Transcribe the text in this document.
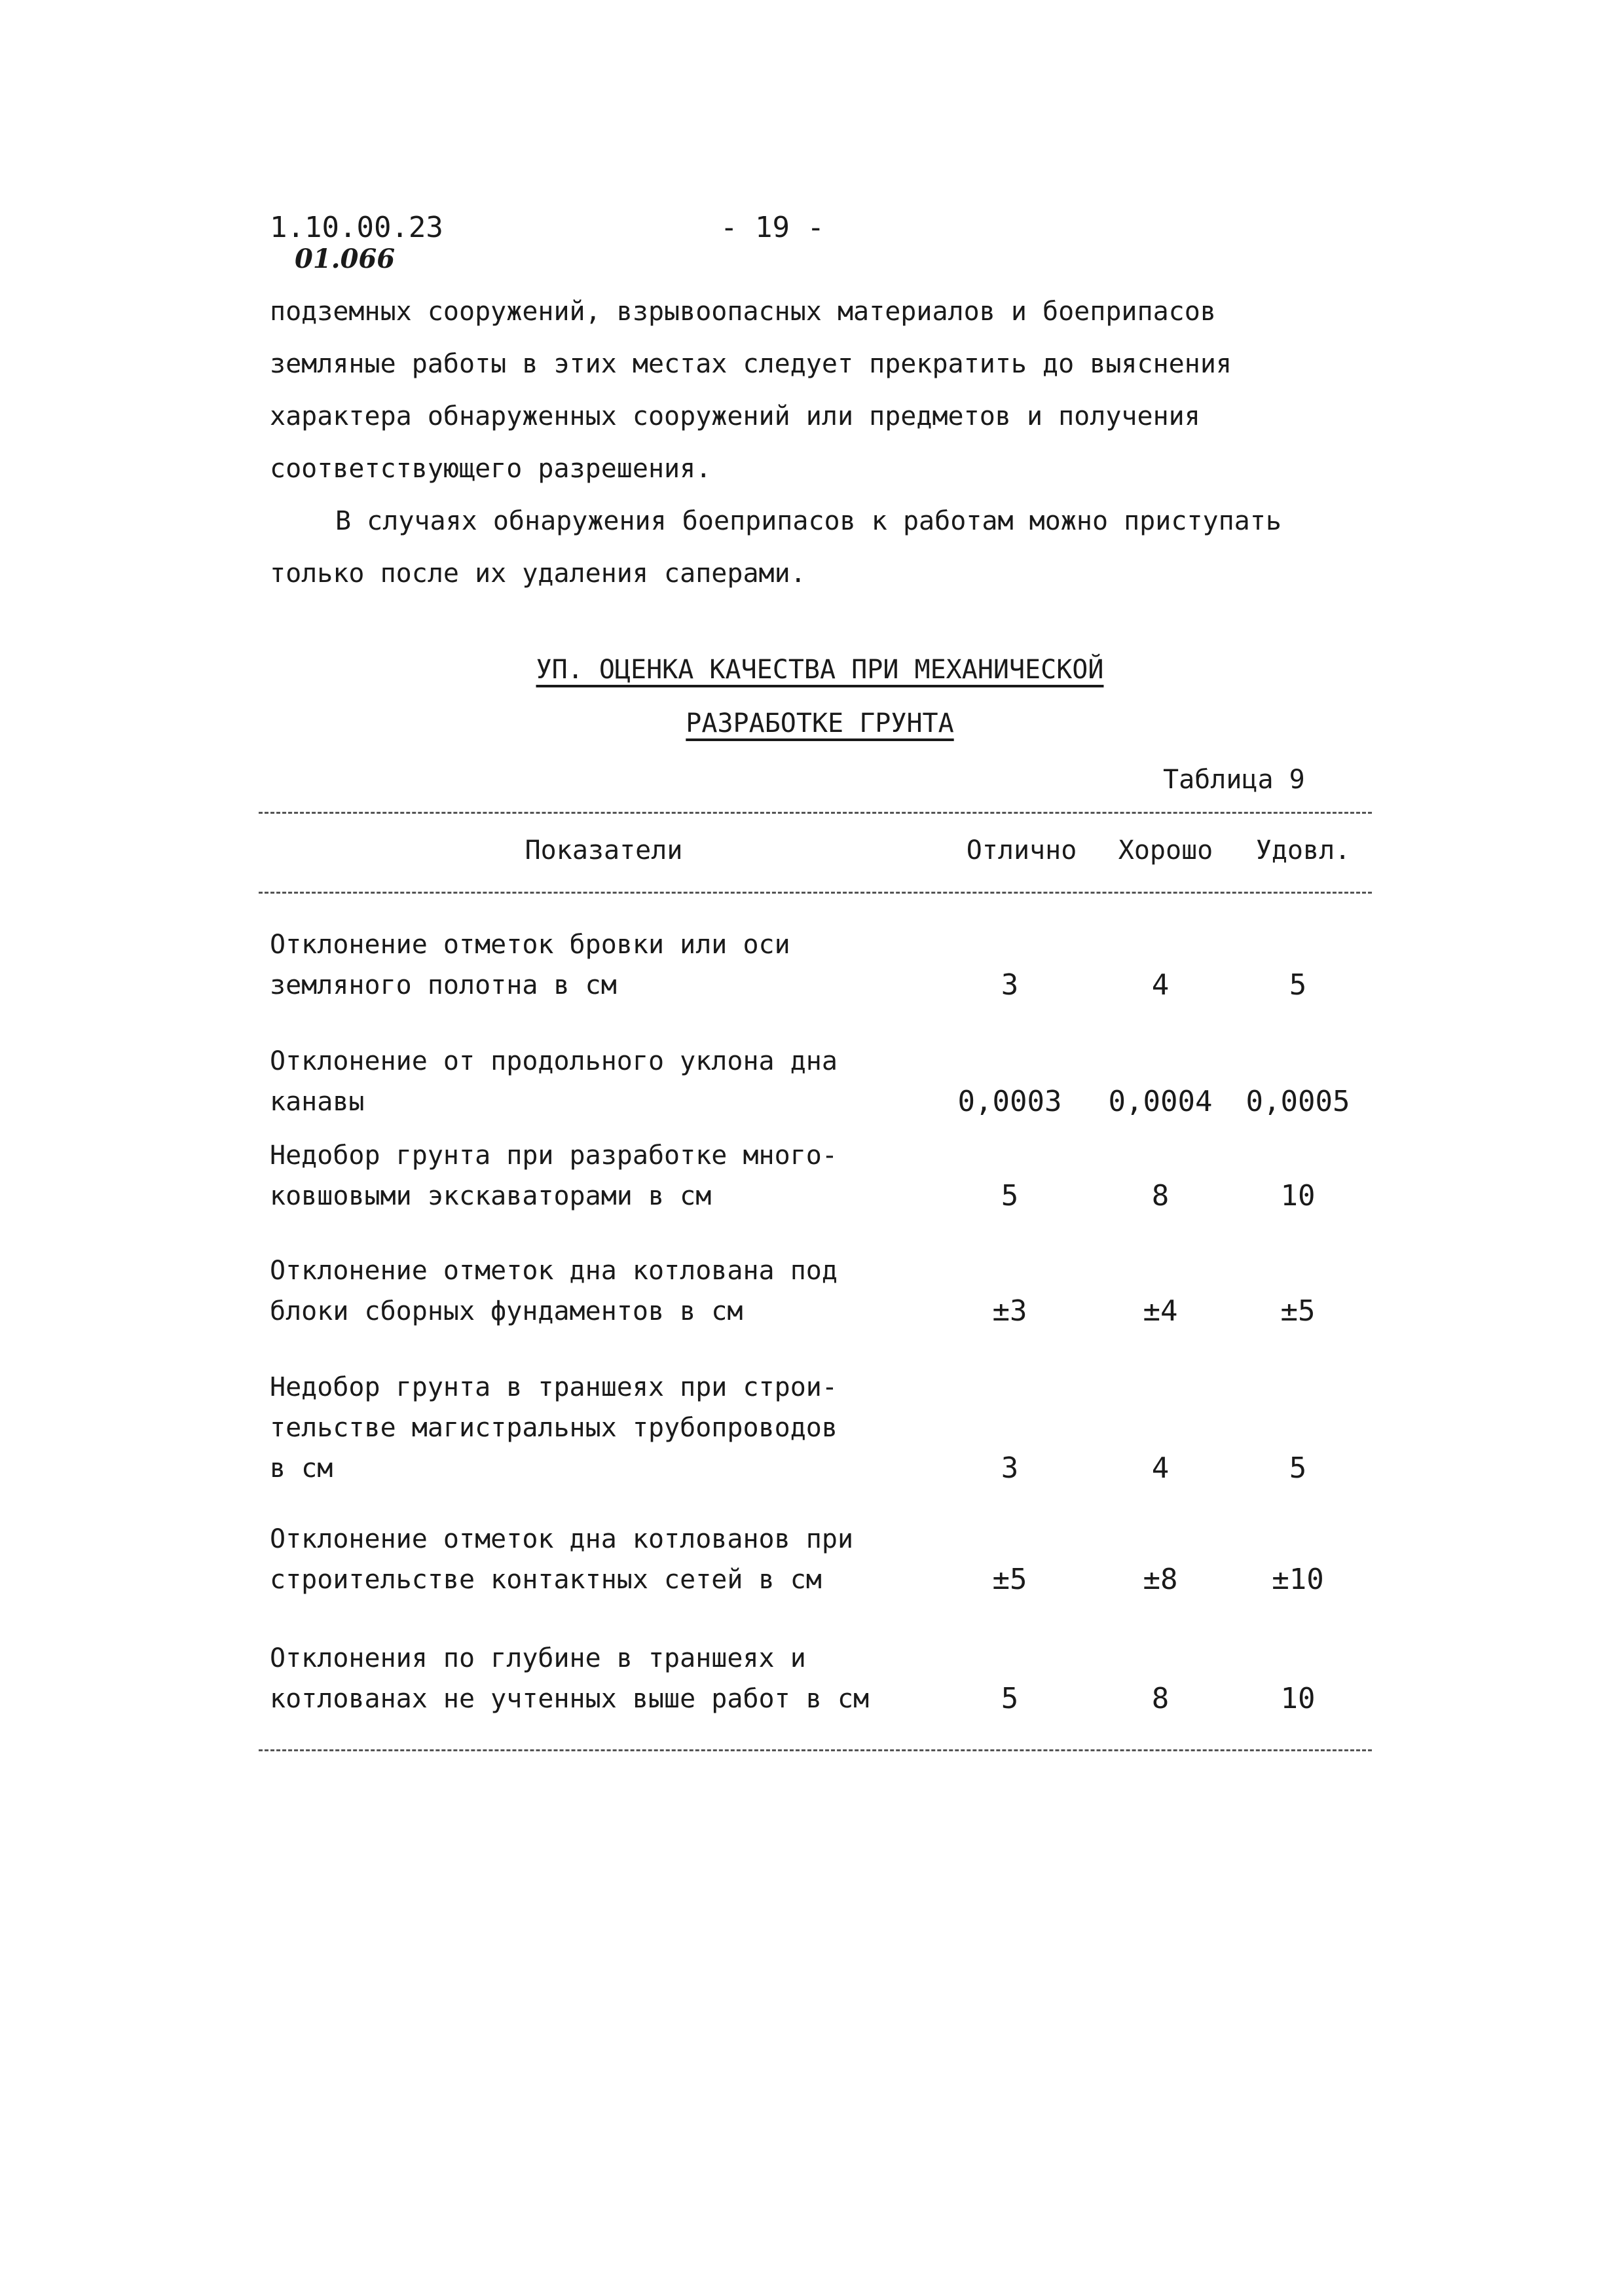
1.10.00.23	- 19 -
01.066
подземных сооружений, взрывоопасных материалов и боеприпасов
земляные работы в этих местах следует прекратить до выяснения
характера обнаруженных сооружений или предметов и получения
соответствующего разрешения.
В случаях обнаружения боеприпасов к работам можно приступать
только после их удаления саперами.
УП. ОЦЕНКА КАЧЕСТВА ПРИ МЕХАНИЧЕСКОЙ
РАЗРАБОТКЕ ГРУНТА
Таблица 9
Показатели	Отлично	Хорошо	Удовл.
Отклонение отметок бровки или оси
земляного полотна в см	3	4	5
Отклонение от продольного уклона дна
канавы	0,0003	0,0004	0,0005
Недобор грунта при разработке много-
ковшовыми экскаваторами в см	5	8	10
Отклонение отметок дна котлована под
блоки сборных фундаментов в см	±3	±4	±5
Недобор грунта в траншеях при строи-
тельстве магистральных трубопроводов
в см	3	4	5
Отклонение отметок дна котлованов при
строительстве контактных сетей в см	±5	±8	±10
Отклонения по глубине в траншеях и
котлованах не учтенных выше работ в см	5	8	10
